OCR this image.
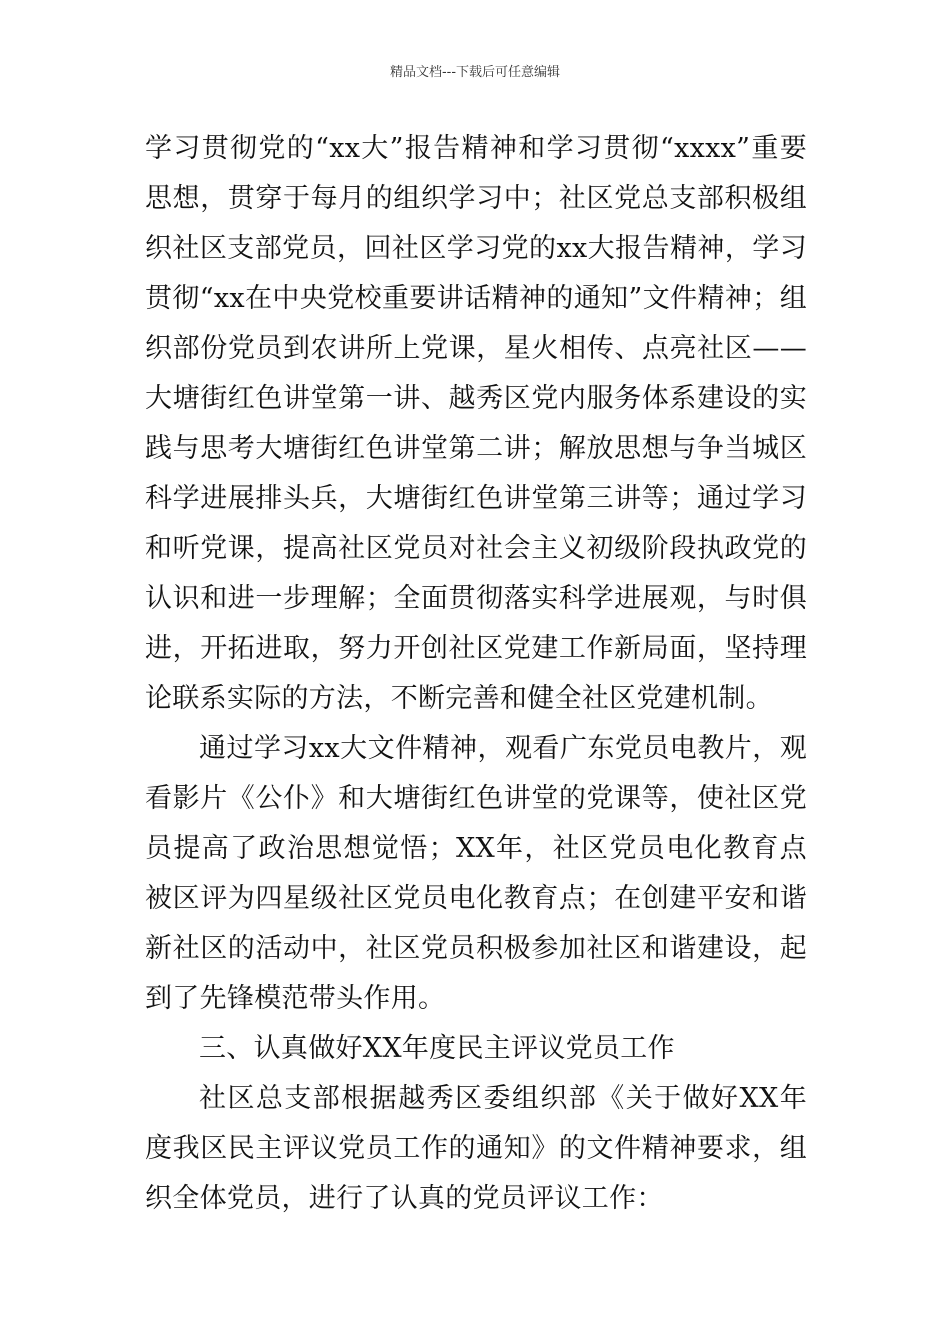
精品文档---下载后可任意编辑

学习贯彻党的“xx大”报告精神和学习贯彻“xxxx”重要思想，贯穿于每月的组织学习中；社区党总支部积极组织社区支部党员，回社区学习党的xx大报告精神，学习贯彻“xx在中央党校重要讲话精神的通知”文件精神；组织部份党员到农讲所上党课，星火相传、点亮社区——大塘街红色讲堂第一讲、越秀区党内服务体系建设的实践与思考大塘街红色讲堂第二讲；解放思想与争当城区科学进展排头兵，大塘街红色讲堂第三讲等；通过学习和听党课，提高社区党员对社会主义初级阶段执政党的认识和进一步理解；全面贯彻落实科学进展观，与时俱进，开拓进取，努力开创社区党建工作新局面，坚持理论联系实际的方法，不断完善和健全社区党建机制。

通过学习xx大文件精神，观看广东党员电教片，观看影片《公仆》和大塘街红色讲堂的党课等，使社区党员提高了政治思想觉悟；XX年，社区党员电化教育点被区评为四星级社区党员电化教育点；在创建平安和谐新社区的活动中，社区党员积极参加社区和谐建设，起到了先锋模范带头作用。

三、认真做好XX年度民主评议党员工作

社区总支部根据越秀区委组织部《关于做好XX年度我区民主评议党员工作的通知》的文件精神要求，组织全体党员，进行了认真的党员评议工作：
